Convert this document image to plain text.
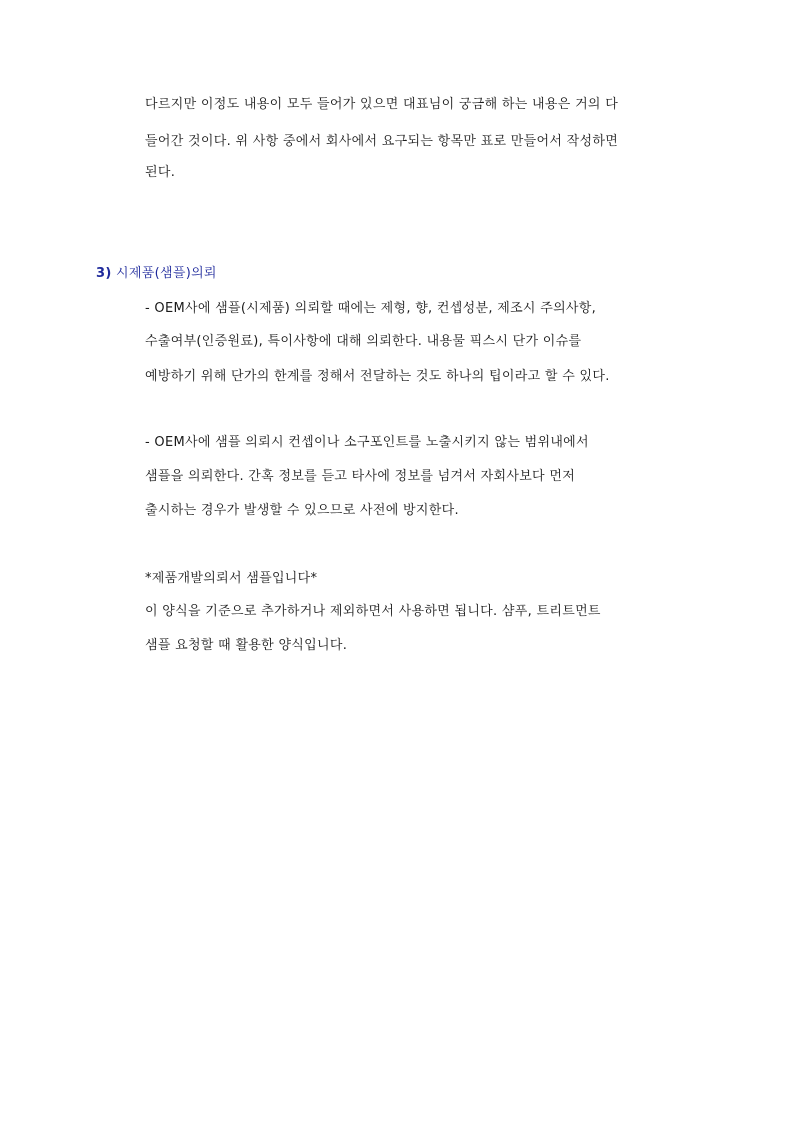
다르지만 이정도 내용이 모두 들어가 있으면 대표님이 궁금해 하는 내용은 거의 다
들어간 것이다. 위 사항 중에서 회사에서 요구되는 항목만 표로 만들어서 작성하면
된다.
3) 시제품(샘플)의뢰
- OEM사에 샘플(시제품) 의뢰할 때에는 제형, 향, 컨셉성분, 제조시 주의사항,
수출여부(인증원료), 특이사항에 대해 의뢰한다. 내용물 픽스시 단가 이슈를
예방하기 위해 단가의 한계를 정해서 전달하는 것도 하나의 팁이라고 할 수 있다.
- OEM사에 샘플 의뢰시 컨셉이나 소구포인트를 노출시키지 않는 범위내에서
샘플을 의뢰한다. 간혹 정보를 듣고 타사에 정보를 넘겨서 자회사보다 먼저
출시하는 경우가 발생할 수 있으므로 사전에 방지한다.
*제품개발의뢰서 샘플입니다*
이 양식을 기준으로 추가하거나 제외하면서 사용하면 됩니다. 샴푸, 트리트먼트
샘플 요청할 때 활용한 양식입니다.
